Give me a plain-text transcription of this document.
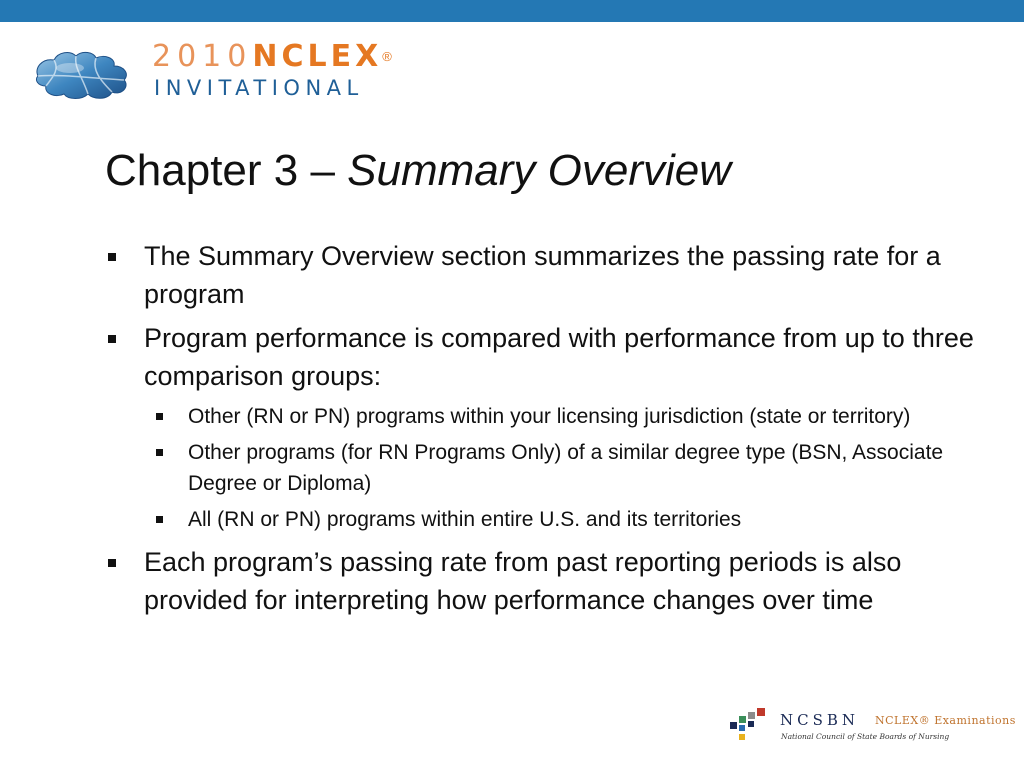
2010NCLEX®
INVITATIONAL
Chapter 3 – Summary Overview
The Summary Overview section summarizes the passing rate for a program
Program performance is compared with performance from up to three comparison groups:
Other (RN or PN) programs within your licensing jurisdiction (state or territory)
Other programs (for RN Programs Only) of a similar degree type (BSN, Associate Degree or Diploma)
All (RN or PN) programs within entire U.S. and its territories
Each program’s passing rate from past reporting periods is also provided for interpreting how performance changes over time
NCSBN NCLEX® Examinations
National Council of State Boards of Nursing
